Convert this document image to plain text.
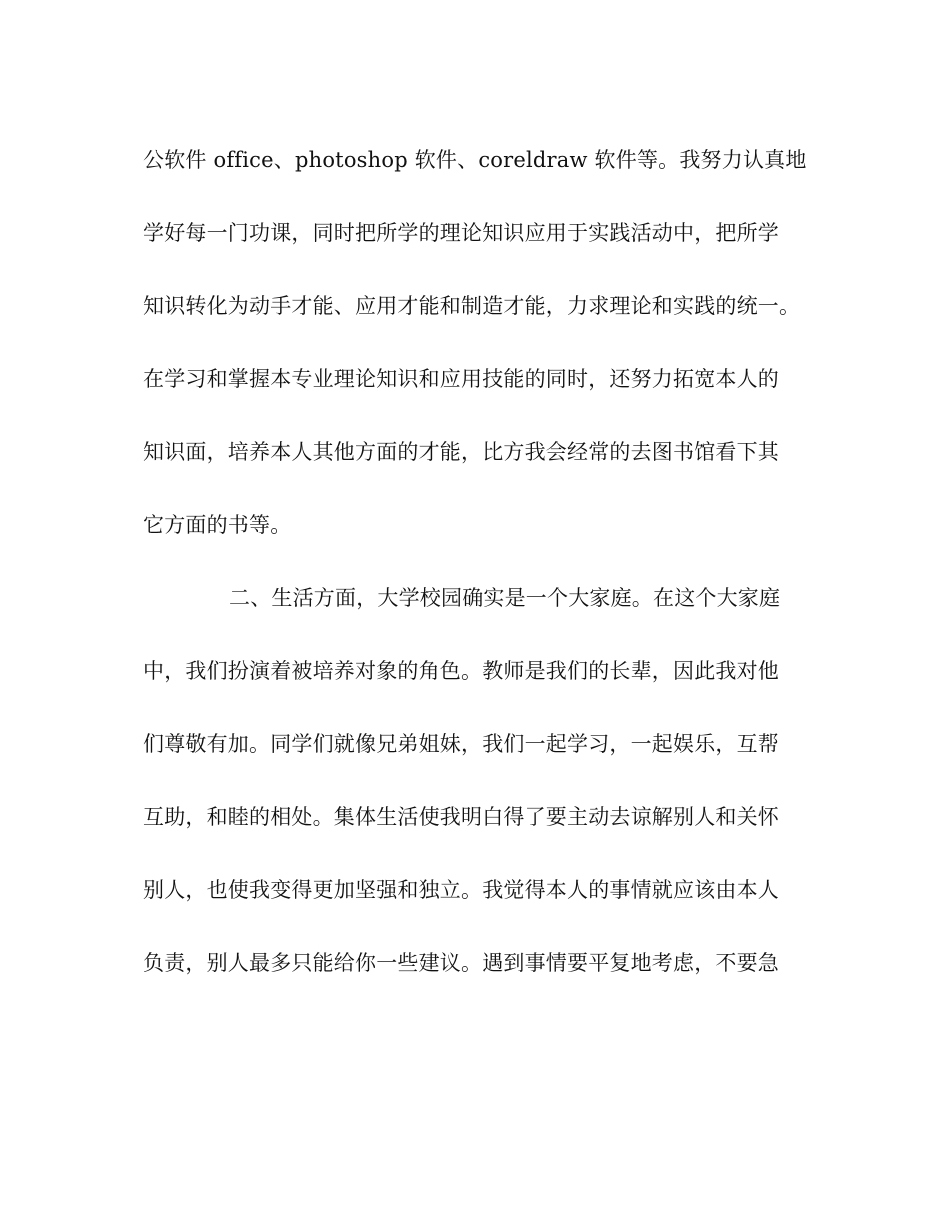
公软件 office、photoshop 软件、coreldraw 软件等。我努力认真地
学好每一门功课，同时把所学的理论知识应用于实践活动中，把所学
知识转化为动手才能、应用才能和制造才能，力求理论和实践的统一。
在学习和掌握本专业理论知识和应用技能的同时，还努力拓宽本人的
知识面，培养本人其他方面的才能，比方我会经常的去图书馆看下其
它方面的书等。
二、生活方面，大学校园确实是一个大家庭。在这个大家庭
中，我们扮演着被培养对象的角色。教师是我们的长辈，因此我对他
们尊敬有加。同学们就像兄弟姐妹，我们一起学习，一起娱乐，互帮
互助，和睦的相处。集体生活使我明白得了要主动去谅解别人和关怀
别人，也使我变得更加坚强和独立。我觉得本人的事情就应该由本人
负责，别人最多只能给你一些建议。遇到事情要平复地考虑，不要急
